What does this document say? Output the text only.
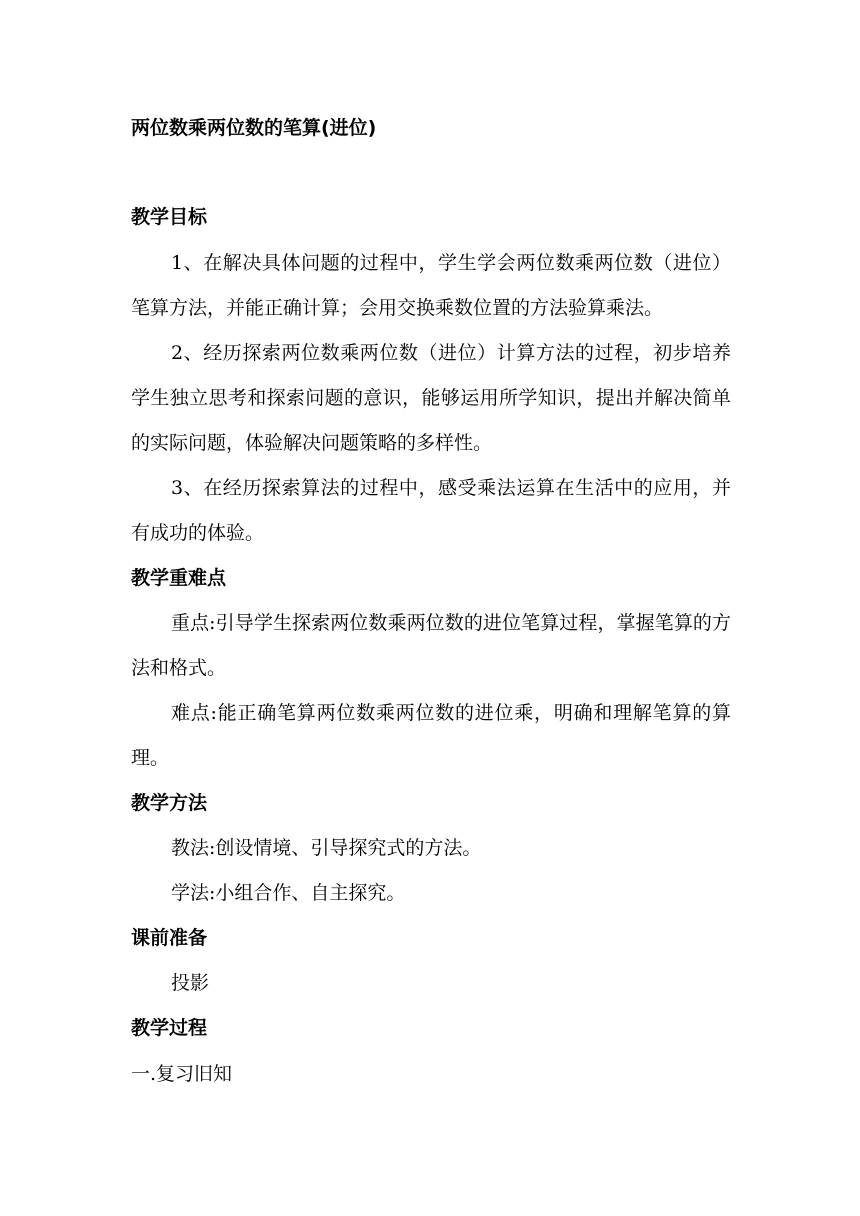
两位数乘两位数的笔算(进位)
教学目标
1、在解决具体问题的过程中，学生学会两位数乘两位数（进位）笔算方法，并能正确计算；会用交换乘数位置的方法验算乘法。
2、经历探索两位数乘两位数（进位）计算方法的过程，初步培养学生独立思考和探索问题的意识，能够运用所学知识，提出并解决简单的实际问题，体验解决问题策略的多样性。
3、在经历探索算法的过程中，感受乘法运算在生活中的应用，并有成功的体验。
教学重难点
重点:引导学生探索两位数乘两位数的进位笔算过程，掌握笔算的方法和格式。
难点:能正确笔算两位数乘两位数的进位乘，明确和理解笔算的算理。
教学方法
教法:创设情境、引导探究式的方法。
学法:小组合作、自主探究。
课前准备
投影
教学过程
一.复习旧知
